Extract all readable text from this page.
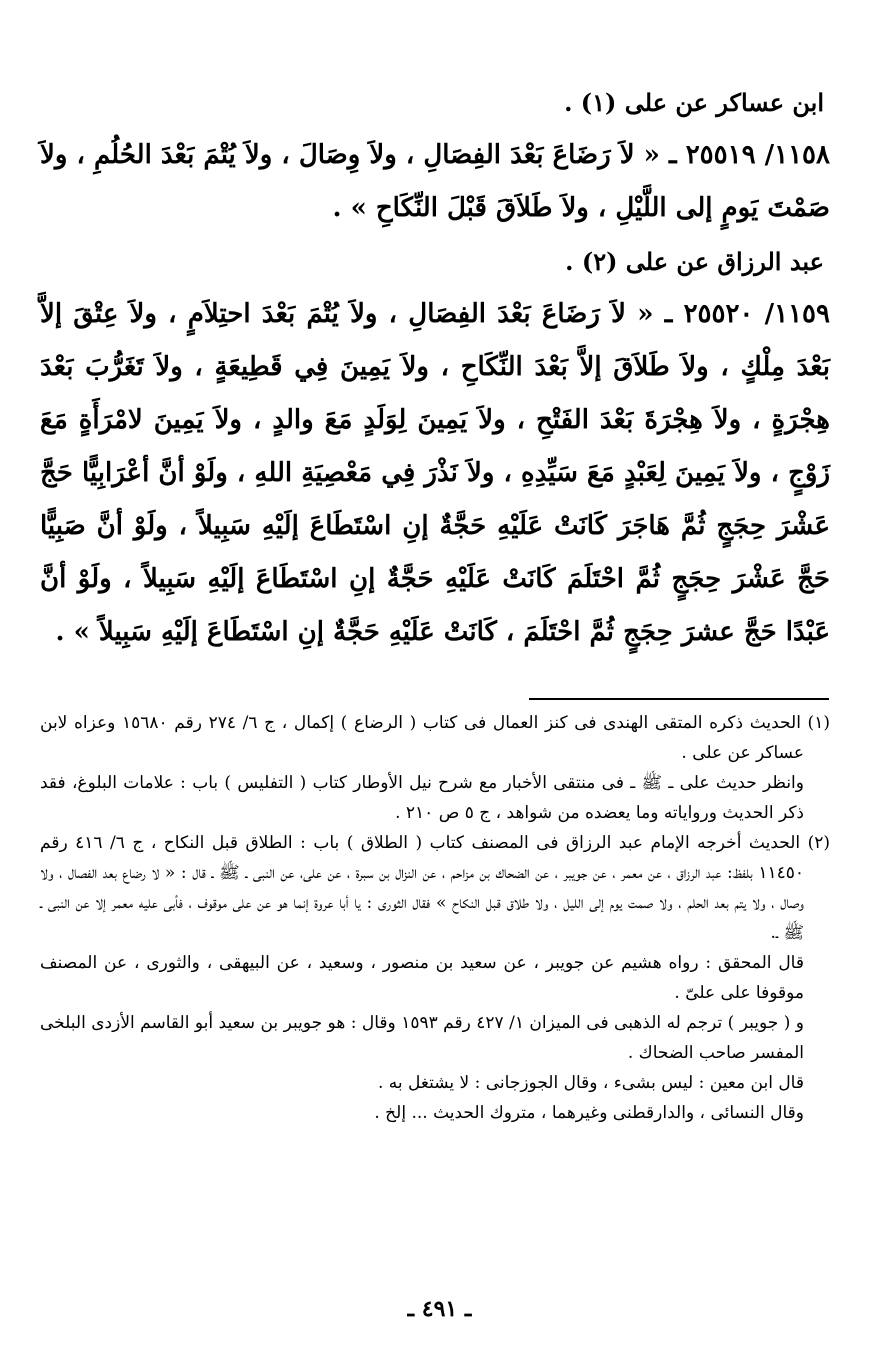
ابن عساكر عن على (١) .

١١٥٨/ ٢٥٥١٩ ـ « لاَ رَضَاعَ بَعْدَ الفِصَالِ ، ولاَ وِصَالَ ، ولاَ يُتْمَ بَعْدَ الحُلُمِ ، ولاَ صَمْتَ يَومٍ إلى اللَّيْلِ ، ولاَ طَلاَقَ قَبْلَ النِّكَاحِ » .

عبد الرزاق عن على (٢) .

١١٥٩/ ٢٥٥٢٠ ـ « لاَ رَضَاعَ بَعْدَ الفِصَالِ ، ولاَ يُتْمَ بَعْدَ احتِلاَمٍ ، ولاَ عِتْقَ إلاَّ بَعْدَ مِلْكٍ ، ولاَ طَلاَقَ إلاَّ بَعْدَ النِّكَاحِ ، ولاَ يَمِينَ فِي قَطِيعَةٍ ، ولاَ تَغَرُّبَ بَعْدَ هِجْرَةٍ ، ولاَ هِجْرَةَ بَعْدَ الفَتْحِ ، ولاَ يَمِينَ لِوَلَدٍ مَعَ والدٍ ، ولاَ يَمِينَ لامْرَأَةٍ مَعَ زَوْجٍ ، ولاَ يَمِينَ لِعَبْدٍ مَعَ سَيِّدِهِ ، ولاَ نَذْرَ فِي مَعْصِيَةِ اللهِ ، ولَوْ أنَّ أعْرَابِيًّا حَجَّ عَشْرَ حِجَجٍ ثُمَّ هَاجَرَ كَانَتْ عَلَيْهِ حَجَّةٌ إنِ اسْتَطَاعَ إلَيْهِ سَبِيلاً ، ولَوْ أنَّ صَبِيًّا حَجَّ عَشْرَ حِجَجٍ ثُمَّ احْتَلَمَ كَانَتْ عَلَيْهِ حَجَّةٌ إنِ اسْتَطَاعَ إلَيْهِ سَبِيلاً ، ولَوْ أنَّ عَبْدًا حَجَّ عشرَ حِجَجٍ ثُمَّ احْتَلَمَ ، كَانَتْ عَلَيْهِ حَجَّةٌ إنِ اسْتَطَاعَ إلَيْهِ سَبِيلاً » .

(١) الحديث ذكره المتقى الهندى فى كنز العمال فى كتاب ( الرضاع ) إكمال ، ج ٦/ ٢٧٤ رقم ١٥٦٨٠ وعزاه لابن عساكر عن على .

وانظر حديث على ـ ﷺ ـ فى منتقى الأخبار مع شرح نيل الأوطار كتاب ( التفليس ) باب : علامات البلوغ، فقد ذكر الحديث ورواياته وما يعضده من شواهد ، ج ٥ ص ٢١٠ .

(٢) الحديث أخرجه الإمام عبد الرزاق فى المصنف كتاب ( الطلاق ) باب : الطلاق قبل النكاح ، ج ٦/ ٤١٦ رقم ١١٤٥٠ بلفظ: عبد الرزاق ، عن معمر ، عن جويبر ، عن الضحاك بن مزاحم ، عن النزال بن سبرة ، عن على، عن النبى ـ ﷺ ـ قال : « لا رضاع بعد الفصال ، ولا وصال ، ولا يتم بعد الحلم ، ولا صمت يوم إلى الليل ، ولا طلاق قبل النكاح » فقال الثورى : يا أبا عروة إنما هو عن على موقوف ، فأبى عليه معمر إلا عن النبى ـ ﷺ ـ.

قال المحقق : رواه هشيم عن جويبر ، عن سعيد بن منصور ، وسعيد ، عن البيهقى ، والثورى ، عن المصنف موقوفا على علىّ .

و ( جويبر ) ترجم له الذهبى فى الميزان ١/ ٤٢٧ رقم ١٥٩٣ وقال : هو جويبر بن سعيد أبو القاسم الأزدى البلخى المفسر صاحب الضحاك .

قال ابن معين : ليس بشىء ، وقال الجوزجانى : لا يشتغل به .

وقال النسائى ، والدارقطنى وغيرهما ، متروك الحديث ... إلخ .

ـ ٤٩١ ـ
